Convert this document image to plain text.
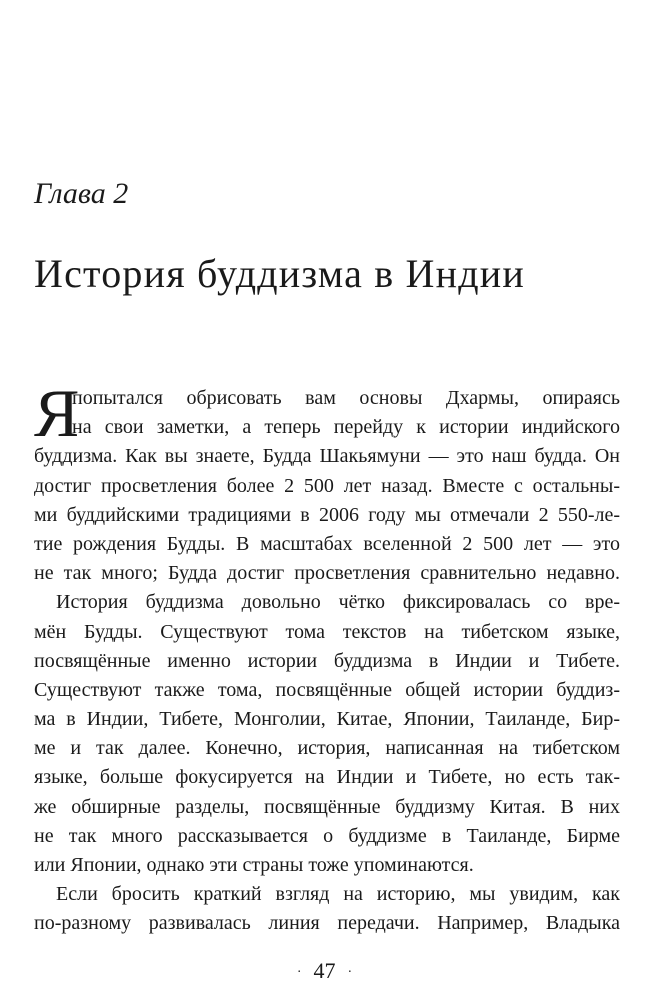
Глава 2
История буддизма в Индии
Я
попытался обрисовать вам основы Дхармы, опираясь
на свои заметки, а теперь перейду к истории индийского
буддизма. Как вы знаете, Будда Шакьямуни — это наш будда. Он
достиг просветления более 2 500 лет назад. Вместе с остальны-
ми буддийскими традициями в 2006 году мы отмечали 2 550-ле-
тие рождения Будды. В масштабах вселенной 2 500 лет — это
не так много; Будда достиг просветления сравнительно недавно.
История буддизма довольно чётко фиксировалась со вре-
мён Будды. Существуют тома текстов на тибетском языке,
посвящённые именно истории буддизма в Индии и Тибете.
Существуют также тома, посвящённые общей истории буддиз-
ма в Индии, Тибете, Монголии, Китае, Японии, Таиланде, Бир-
ме и так далее. Конечно, история, написанная на тибетском
языке, больше фокусируется на Индии и Тибете, но есть так-
же обширные разделы, посвящённые буддизму Китая. В них
не так много рассказывается о буддизме в Таиланде, Бирме
или Японии, однако эти страны тоже упоминаются.
Если бросить краткий взгляд на историю, мы увидим, как
по-разному развивалась линия передачи. Например, Владыка
· 47 ·
